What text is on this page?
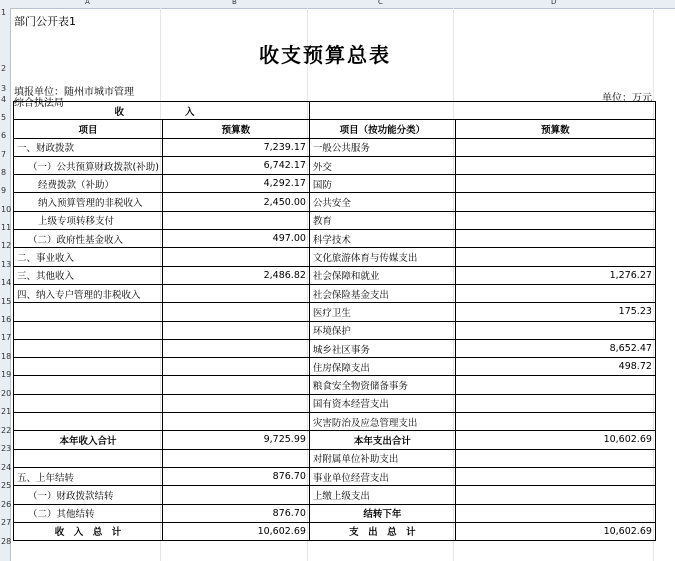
A	B	C	D
1
2
3
4
5
6
7
8
9
10
11
12
13
14
15
16
17
18
19
20
21
22
23
24
25
26
27
28
部门公开表1
收支预算总表
填报单位：随州市城市管理
综合执法局	单位：万元
收　　入			
项目	预算数	项目（按功能分类）	预算数
一、财政拨款	7,239.17	一般公共服务	
（一）公共预算财政拨款(补助)	6,742.17	外交	
经费拨款（补助）	4,292.17	国防	
纳入预算管理的非税收入	2,450.00	公共安全	
上级专项转移支付		教育	
（二）政府性基金收入	497.00	科学技术	
二、事业收入		文化旅游体育与传媒支出	
三、其他收入	2,486.82	社会保障和就业	1,276.27
四、纳入专户管理的非税收入		社会保险基金支出	
		医疗卫生	175.23
		环境保护	
		城乡社区事务	8,652.47
		住房保障支出	498.72
		粮食安全物资储备事务	
		国有资本经营支出	
		灾害防治及应急管理支出	
本年收入合计	9,725.99	本年支出合计	10,602.69
		对附属单位补助支出	
五、上年结转	876.70	事业单位经营支出	
（一）财政拨款结转		上缴上级支出	
（二）其他结转	876.70	结转下年	
收　入　总　计	10,602.69	支　出　总　计	10,602.69
